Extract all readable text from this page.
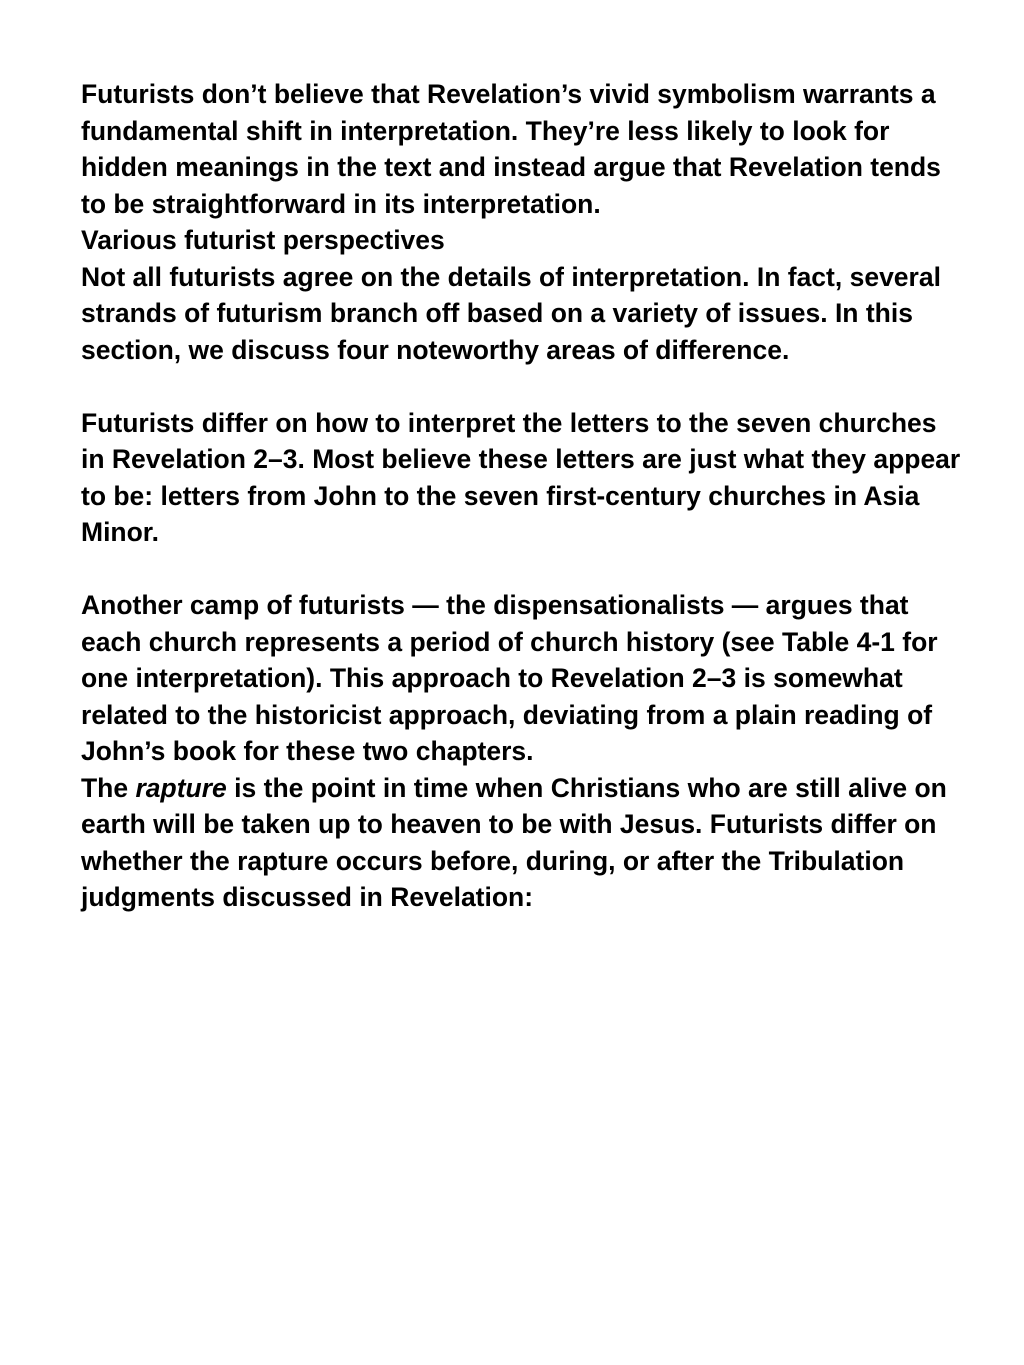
Futurists don’t believe that Revelation’s vivid symbolism warrants a fundamental shift in interpretation. They’re less likely to look for hidden meanings in the text and instead argue that Revelation tends to be straightforward in its interpretation.

Various futurist perspectives

Not all futurists agree on the details of interpretation. In fact, several strands of futurism branch off based on a variety of issues. In this section, we discuss four noteworthy areas of difference.

Futurists differ on how to interpret the letters to the seven churches in Revelation 2–3. Most believe these letters are just what they appear to be: letters from John to the seven first-century churches in Asia Minor.

Another camp of futurists — the dispensationalists — argues that each church represents a period of church history (see Table 4-1 for one interpretation). This approach to Revelation 2–3 is somewhat related to the historicist approach, deviating from a plain reading of John’s book for these two chapters.

The rapture is the point in time when Christians who are still alive on earth will be taken up to heaven to be with Jesus. Futurists differ on whether the rapture occurs before, during, or after the Tribulation judgments discussed in Revelation:
